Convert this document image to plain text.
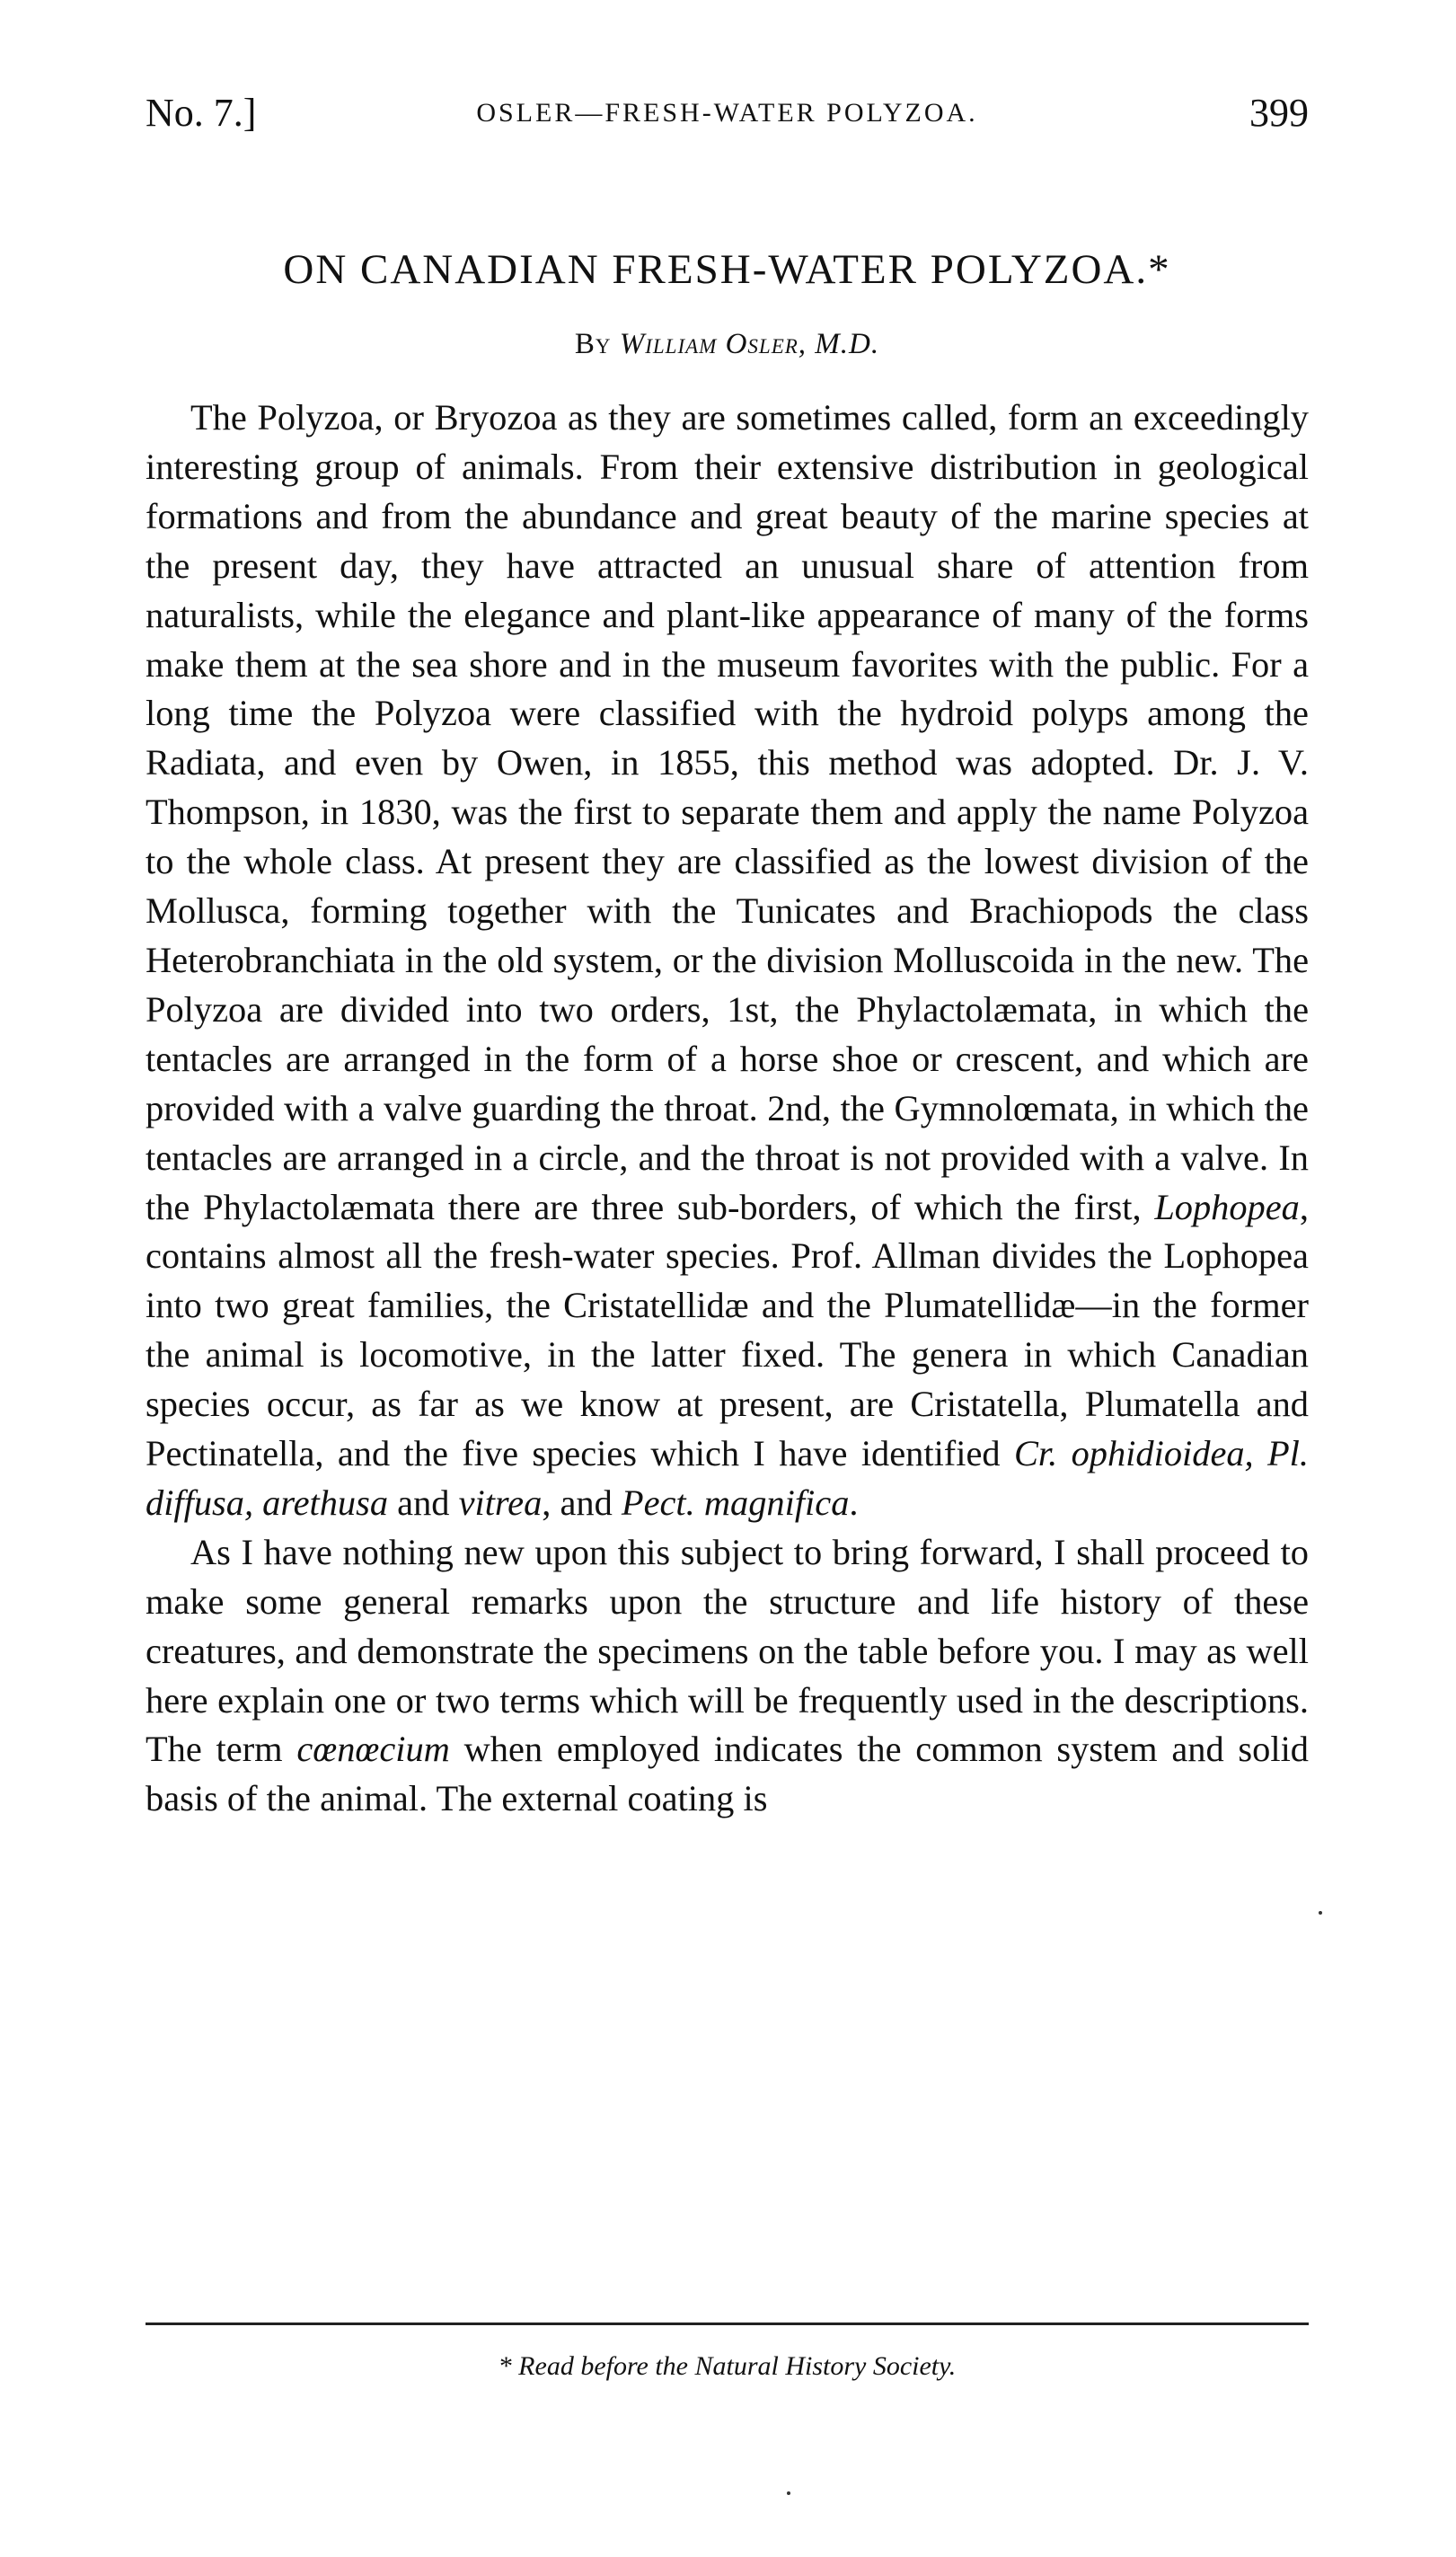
No. 7.]	OSLER—FRESH-WATER POLYZOA.	399
ON CANADIAN FRESH-WATER POLYZOA.*
By William Osler, M.D.

The Polyzoa, or Bryozoa as they are sometimes called, form an exceedingly interesting group of animals. From their extensive distribution in geological formations and from the abundance and great beauty of the marine species at the present day, they have attracted an unusual share of attention from naturalists, while the elegance and plant-like appearance of many of the forms make them at the sea shore and in the museum favorites with the public. For a long time the Polyzoa were classified with the hydroid polyps among the Radiata, and even by Owen, in 1855, this method was adopted. Dr. J. V. Thompson, in 1830, was the first to separate them and apply the name Polyzoa to the whole class. At present they are classified as the lowest division of the Mollusca, forming together with the Tunicates and Brachiopods the class Heterobranchiata in the old system, or the division Molluscoida in the new. The Polyzoa are divided into two orders, 1st, the Phylactolæmata, in which the tentacles are arranged in the form of a horse shoe or crescent, and which are provided with a valve guarding the throat. 2nd, the Gymnolœmata, in which the tentacles are arranged in a circle, and the throat is not provided with a valve. In the Phylactolæmata there are three sub-borders, of which the first, Lophopea, contains almost all the fresh-water species. Prof. Allman divides the Lophopea into two great families, the Cristatellidæ and the Plumatellidæ—in the former the animal is locomotive, in the latter fixed. The genera in which Canadian species occur, as far as we know at present, are Cristatella, Plumatella and Pectinatella, and the five species which I have identified Cr. ophidioidea, Pl. diffusa, arethusa and vitrea, and Pect. magnifica.

As I have nothing new upon this subject to bring forward, I shall proceed to make some general remarks upon the structure and life history of these creatures, and demonstrate the specimens on the table before you. I may as well here explain one or two terms which will be frequently used in the descriptions. The term cœnœcium when employed indicates the common system and solid basis of the animal. The external coating is

* Read before the Natural History Society.
